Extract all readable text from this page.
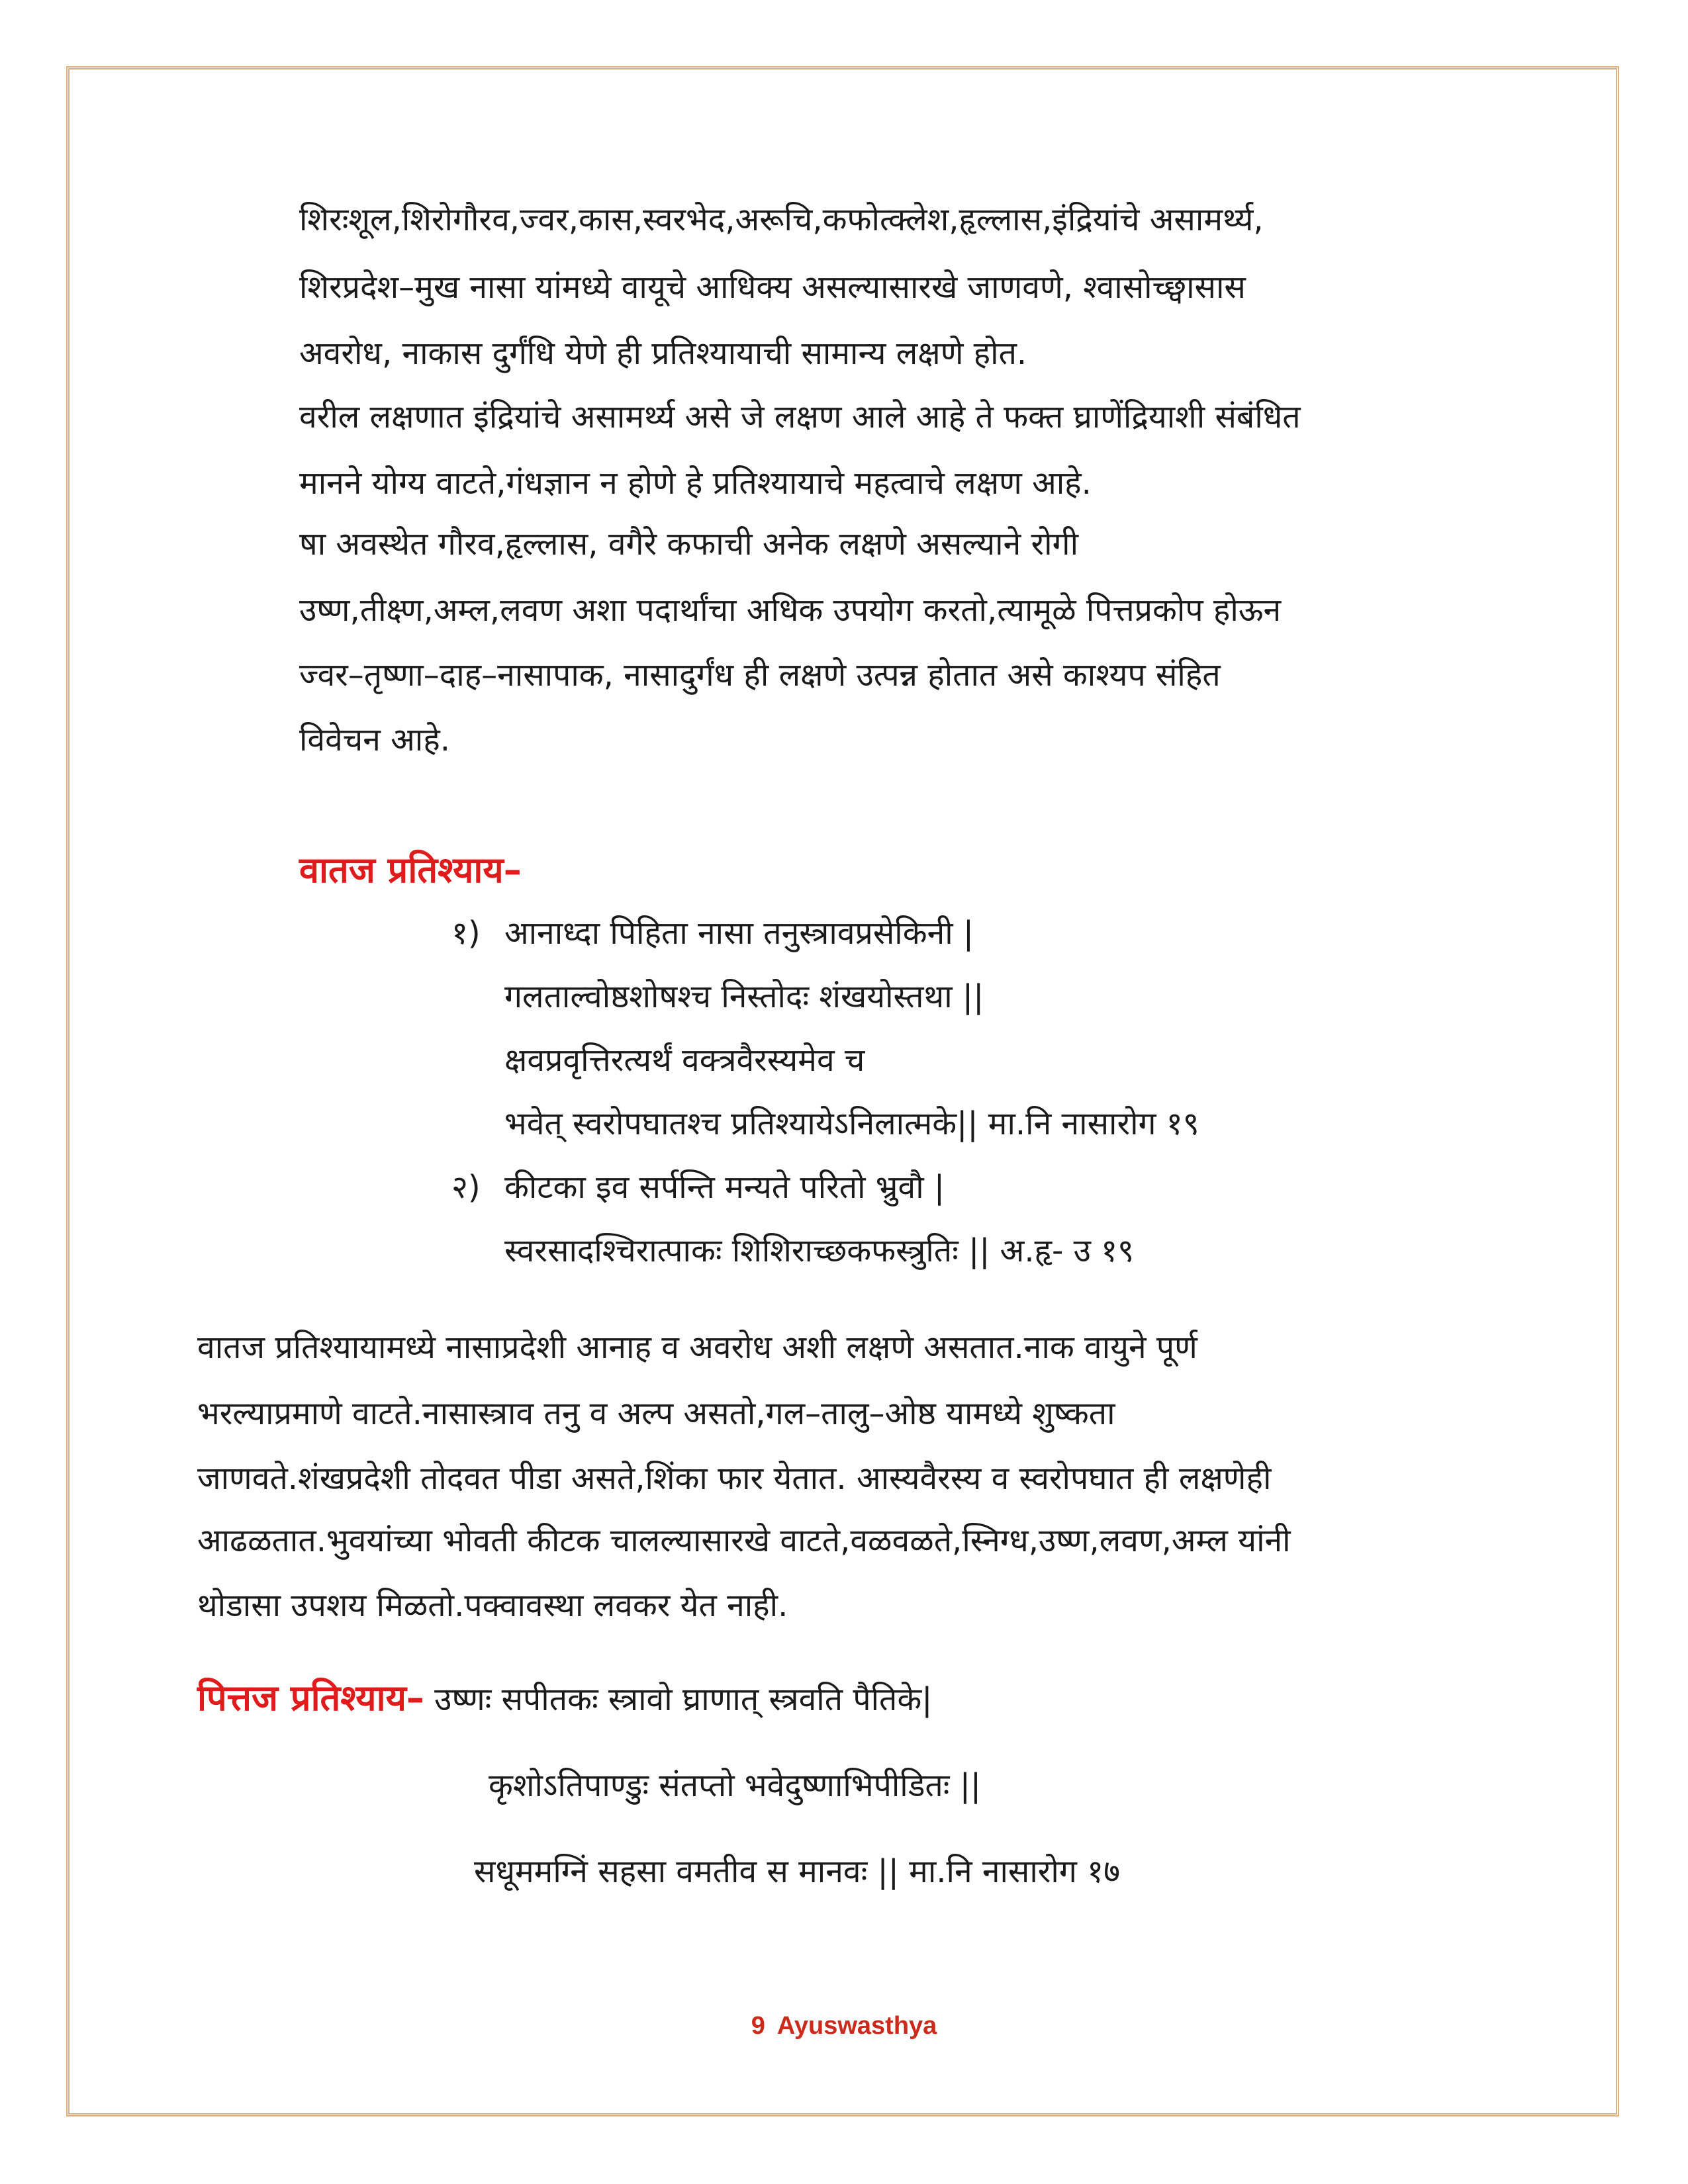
शिरःशूल,शिरोगौरव,ज्वर,कास,स्वरभेद,अरूचि,कफोत्क्लेश,हृल्लास,इंद्रियांचे असामर्थ्य,
शिरप्रदेश–मुख नासा यांमध्ये वायूचे आधिक्य असल्यासारखे जाणवणे, श्वासोच्छ्वासास
अवरोध, नाकास दुर्गंधि येणे ही प्रतिश्यायाची सामान्य लक्षणे होत.
वरील लक्षणात इंद्रियांचे असामर्थ्य असे जे लक्षण आले आहे ते फक्त घ्राणेंद्रियाशी संबंधित
मानने योग्य वाटते,गंधज्ञान न होणे हे प्रतिश्यायाचे महत्वाचे लक्षण आहे.
षा अवस्थेत गौरव,हृल्लास, वगैरे कफाची अनेक लक्षणे असल्याने रोगी
उष्ण,तीक्ष्ण,अम्ल,लवण अशा पदार्थांचा अधिक उपयोग करतो,त्यामूळे पित्तप्रकोप होऊन
ज्वर–तृष्णा–दाह–नासापाक, नासादुर्गंध ही लक्षणे उत्पन्न होतात असे काश्यप संहित
विवेचन आहे.
वातज प्रतिश्याय–
१) आनाध्दा पिहिता नासा तनुस्त्रावप्रसेकिनी |
गलताल्वोष्ठशोषश्च निस्तोदः शंखयोस्तथा ||
क्षवप्रवृत्तिरत्यर्थं वक्त्रवैरस्यमेव च
भवेत् स्वरोपघातश्च प्रतिश्यायेऽनिलात्मके|| मा.नि नासारोग १९
२) कीटका इव सर्पन्ति मन्यते परितो भ्रुवौ |
स्वरसादश्चिरात्पाकः शिशिराच्छकफस्त्रुतिः || अ.हृ- उ १९
वातज प्रतिश्यायामध्ये नासाप्रदेशी आनाह व अवरोध अशी लक्षणे असतात.नाक वायुने पूर्ण
भरल्याप्रमाणे वाटते.नासास्त्राव तनु व अल्प असतो,गल–तालु–ओष्ठ यामध्ये शुष्कता
जाणवते.शंखप्रदेशी तोदवत पीडा असते,शिंका फार येतात. आस्यवैरस्य व स्वरोपघात ही लक्षणेही
आढळतात.भुवयांच्या भोवती कीटक चालल्यासारखे वाटते,वळवळते,स्निग्ध,उष्ण,लवण,अम्ल यांनी
थोडासा उपशय मिळतो.पक्वावस्था लवकर येत नाही.
पित्तज प्रतिश्याय– उष्णः सपीतकः स्त्रावो घ्राणात् स्त्रवति पैतिके|
कृशोऽतिपाण्डुः संतप्तो भवेदुष्णाभिपीडितः ||
सधूममग्निं सहसा वमतीव स मानवः || मा.नि नासारोग १७
9 Ayuswasthya
